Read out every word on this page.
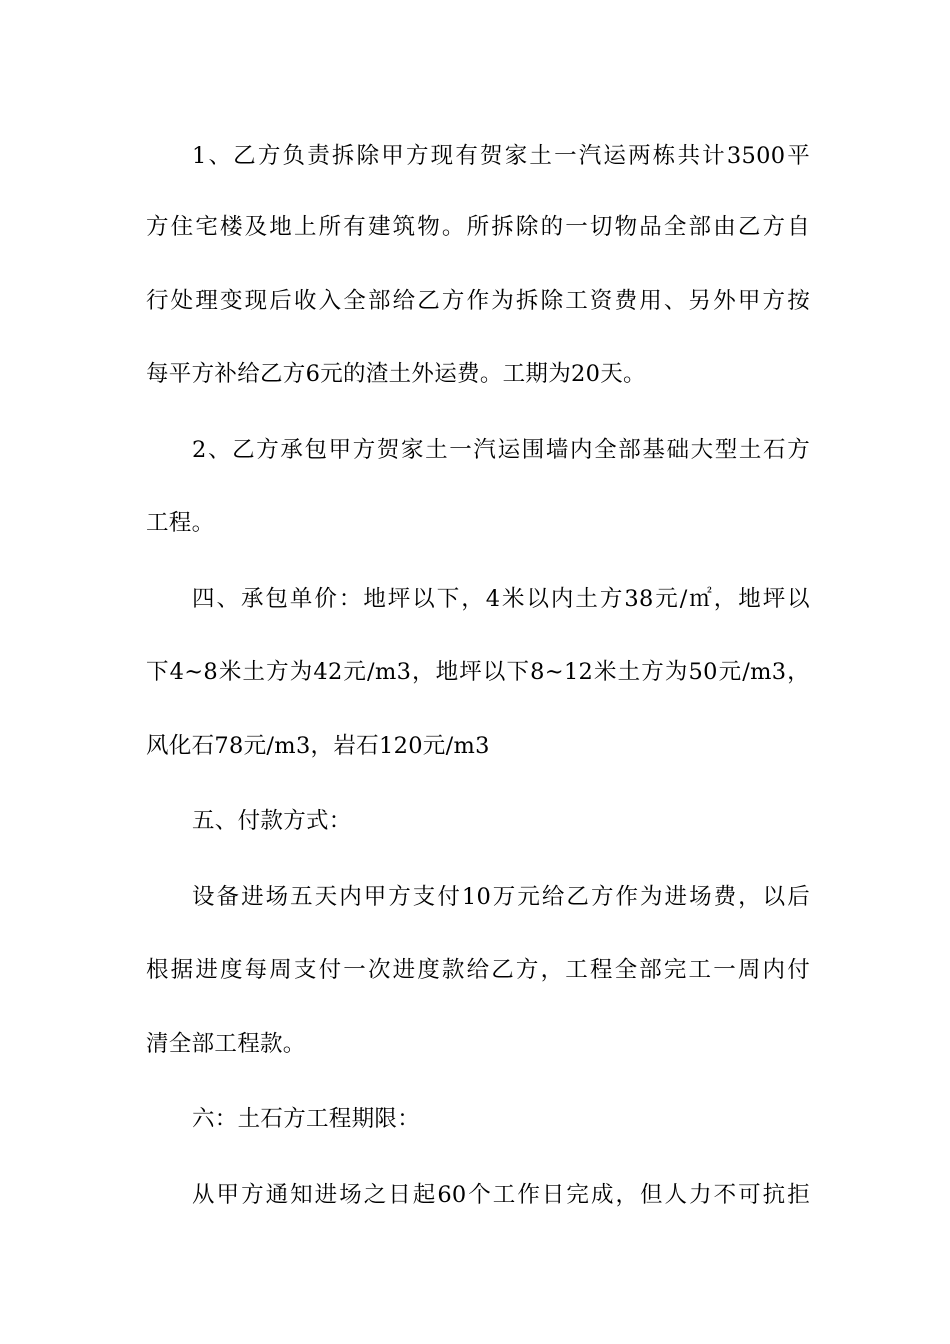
1、乙方负责拆除甲方现有贺家土一汽运两栋共计3500平
方住宅楼及地上所有建筑物。所拆除的一切物品全部由乙方自
行处理变现后收入全部给乙方作为拆除工资费用、另外甲方按
每平方补给乙方6元的渣土外运费。工期为20天。
2、乙方承包甲方贺家土一汽运围墙内全部基础大型土石方
工程。
四、承包单价：地坪以下，4米以内土方38元/㎡，地坪以
下4~8米土方为42元/m3，地坪以下8~12米土方为50元/m3，
风化石78元/m3，岩石120元/m3
五、付款方式：
设备进场五天内甲方支付10万元给乙方作为进场费，以后
根据进度每周支付一次进度款给乙方，工程全部完工一周内付
清全部工程款。
六：土石方工程期限：
从甲方通知进场之日起60个工作日完成，但人力不可抗拒
